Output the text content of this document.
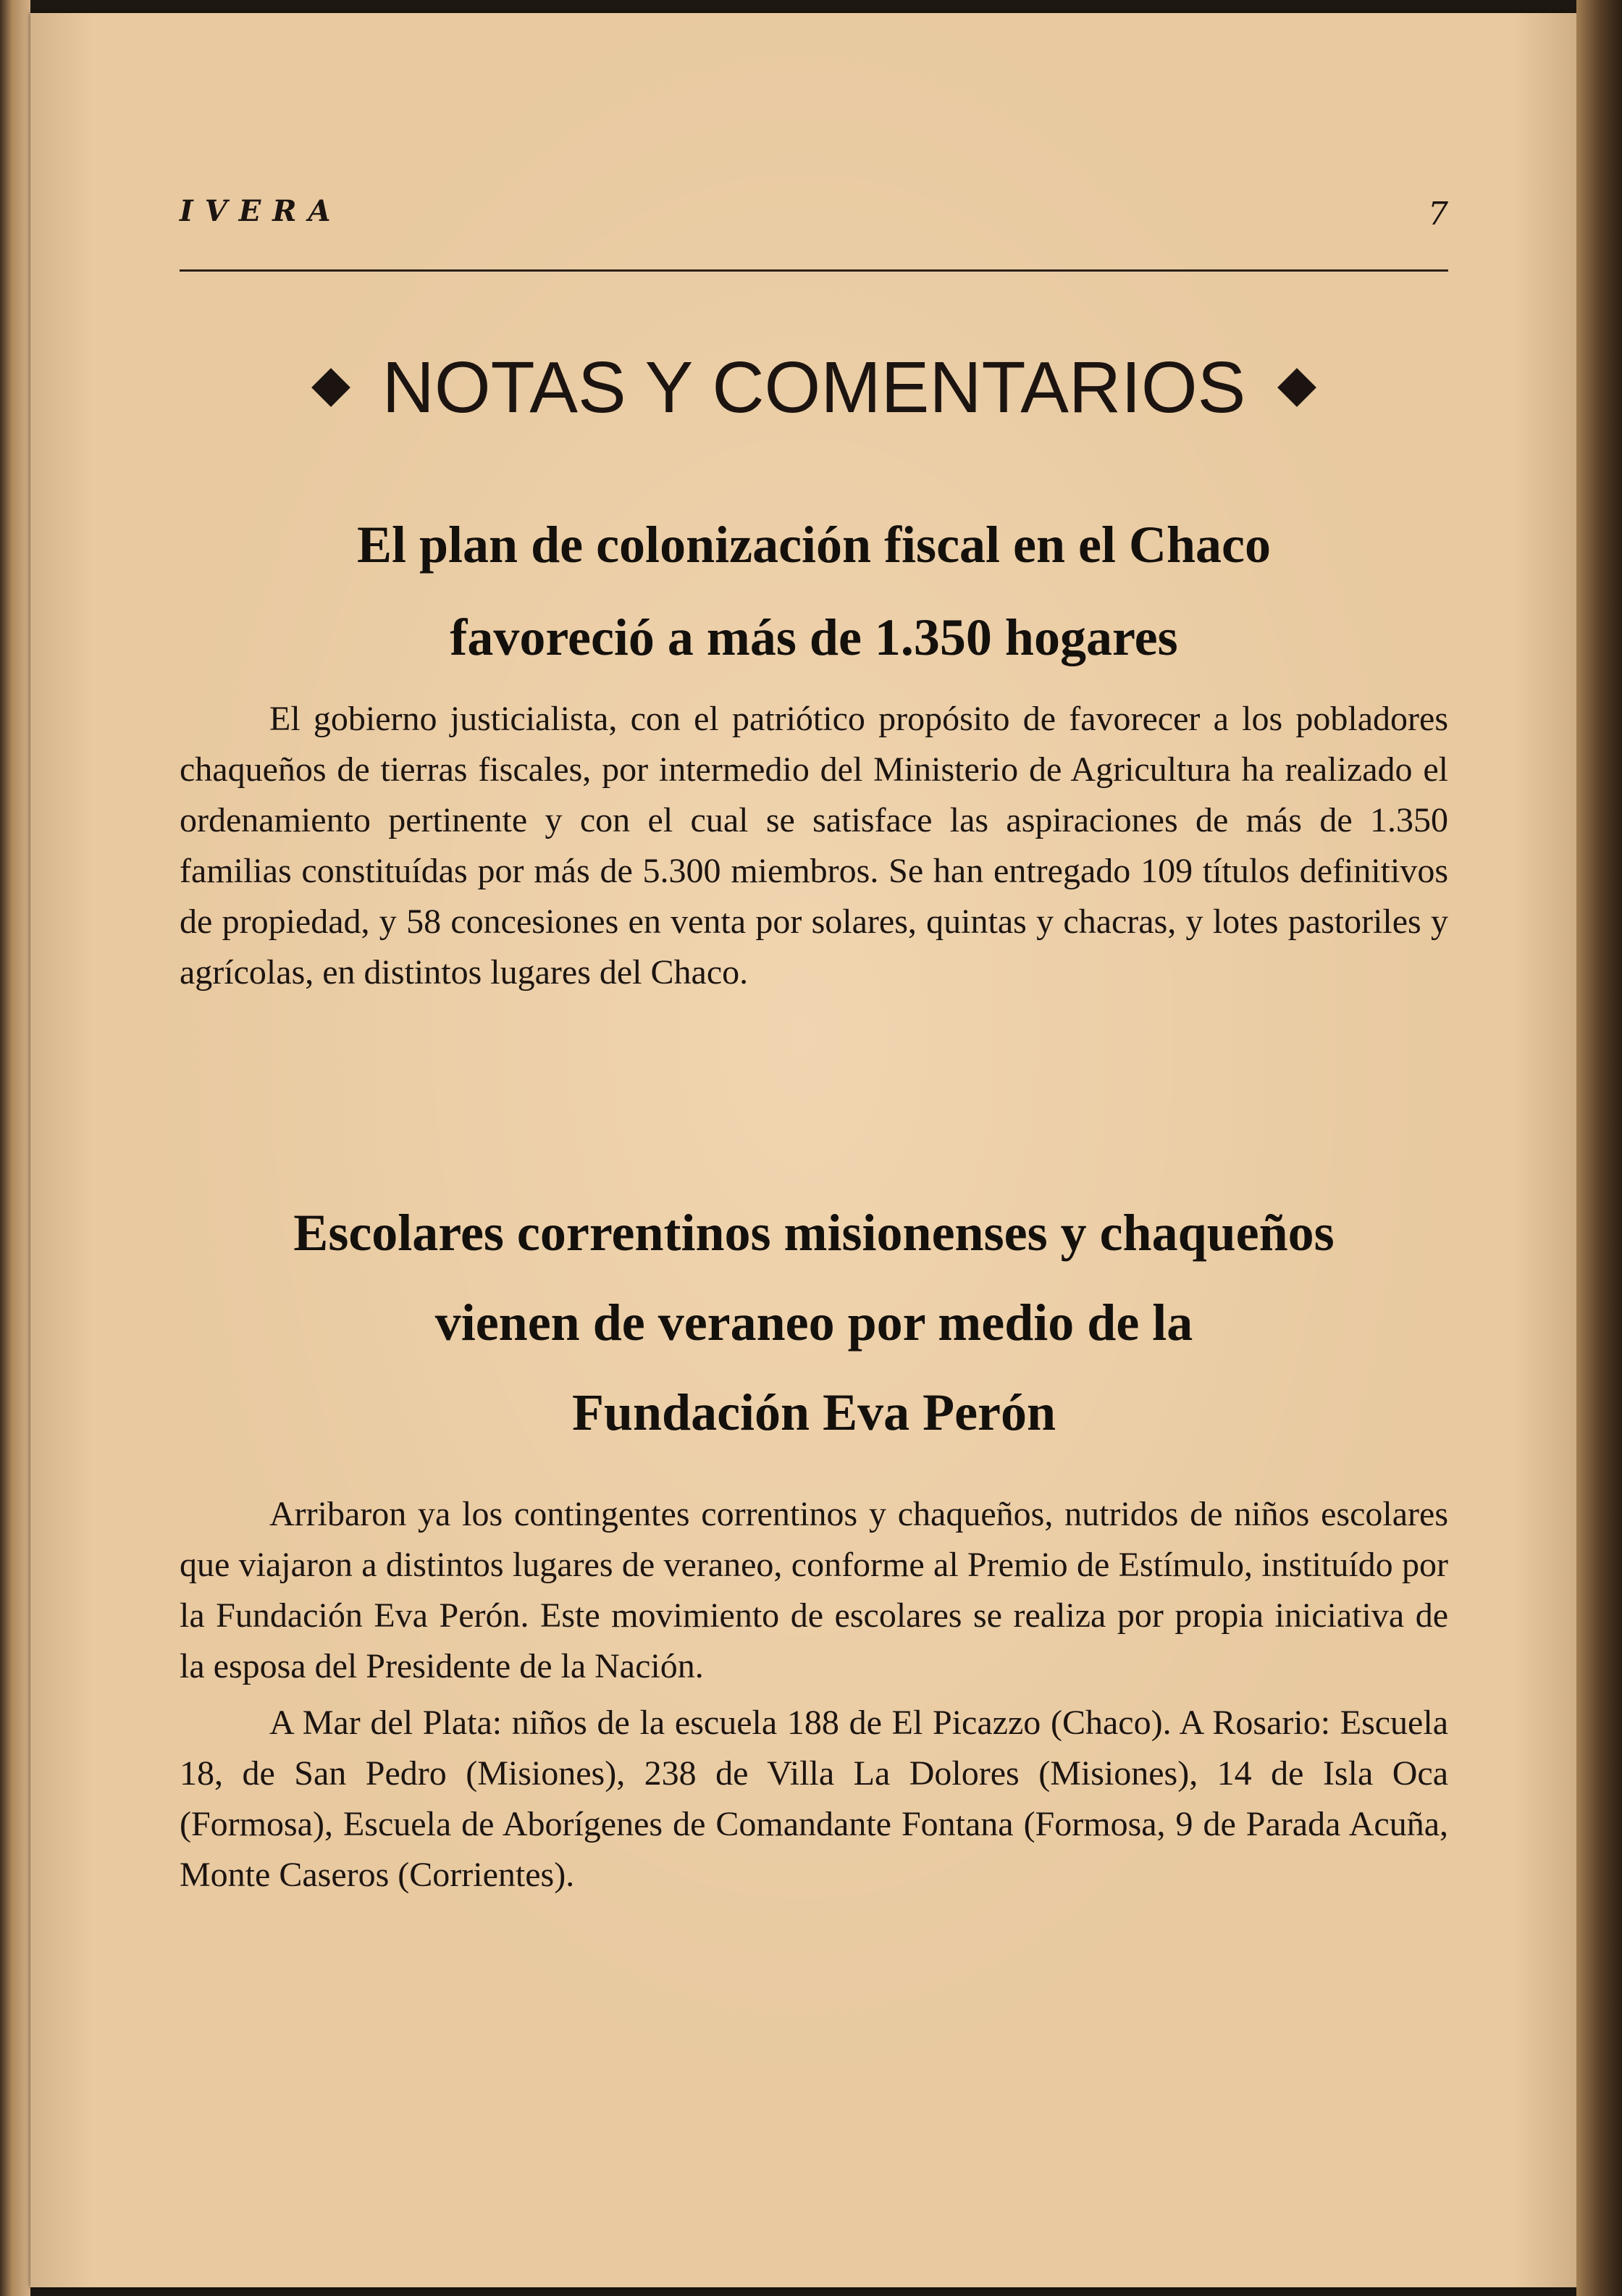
IVERA	7
NOTAS Y COMENTARIOS
El plan de colonización fiscal en el Chaco
favoreció a más de 1.350 hogares

El gobierno justicialista, con el patriótico propósito de favorecer a los pobladores chaqueños de tierras fiscales, por intermedio del Ministerio de Agricultura ha realizado el ordenamiento pertinente y con el cual se satisface las aspiraciones de más de 1.350 familias constituídas por más de 5.300 miembros. Se han entregado 109 títulos definitivos de propiedad, y 58 concesiones en venta por solares, quintas y chacras, y lotes pastoriles y agrícolas, en distintos lugares del Chaco.

Escolares correntinos misionenses y chaqueños
vienen de veraneo por medio de la
Fundación Eva Perón

Arribaron ya los contingentes correntinos y chaqueños, nutridos de niños escolares que viajaron a distintos lugares de veraneo, conforme al Premio de Estímulo, instituído por la Fundación Eva Perón. Este movimiento de escolares se realiza por propia iniciativa de la esposa del Presidente de la Nación.

A Mar del Plata: niños de la escuela 188 de El Picazzo (Chaco). A Rosario: Escuela 18, de San Pedro (Misiones), 238 de Villa La Dolores (Misiones), 14 de Isla Oca (Formosa), Escuela de Aborígenes de Comandante Fontana (Formosa, 9 de Parada Acuña, Monte Caseros (Corrientes).
